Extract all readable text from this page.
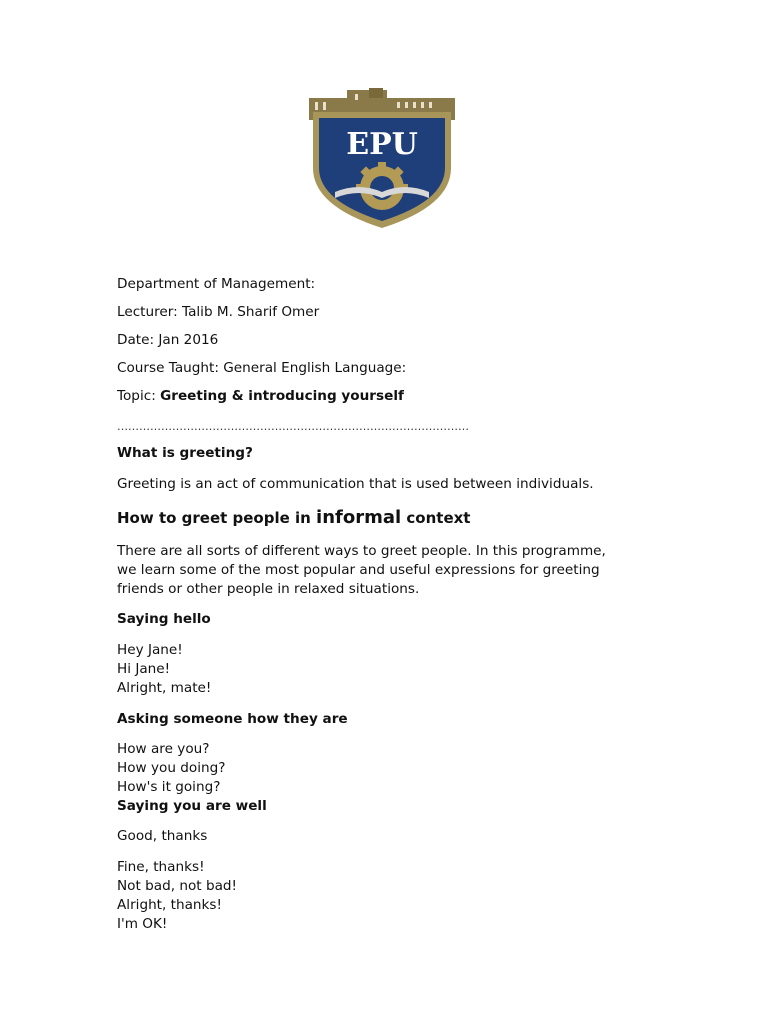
EPU
Department of Management:
Lecturer: Talib M. Sharif Omer
Date: Jan 2016
Course Taught: General English Language:
Topic: Greeting & introducing yourself
……………………………………………………………………………………
What is greeting?
Greeting is an act of communication that is used between individuals.
How to greet people in informal context
There are all sorts of different ways to greet people. In this programme,
we learn some of the most popular and useful expressions for greeting
friends or other people in relaxed situations.
Saying hello
Hey Jane!
Hi Jane!
Alright, mate!
Asking someone how they are
How are you?
How you doing?
How's it going?
Saying you are well
Good, thanks
Fine, thanks!
Not bad, not bad!
Alright, thanks!
I'm OK!
